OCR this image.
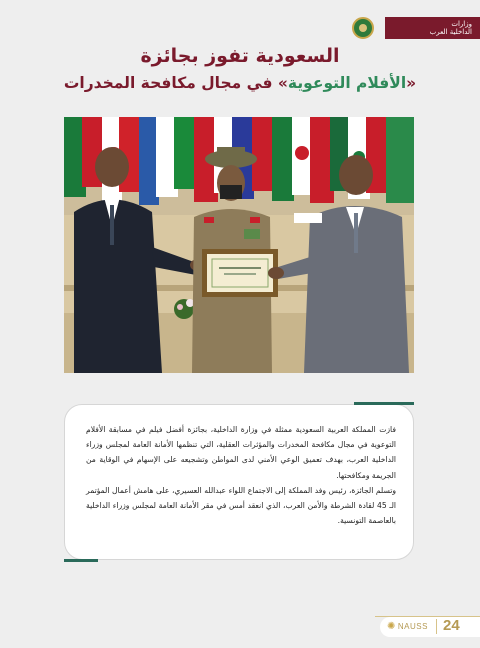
وزارات
الداخلية العرب
السعودية تفوز بجائزة
«الأفلام التوعوية» في مجال مكافحة المخدرات
فازت المملكة العربية السعودية ممثلة في وزارة الداخلية، بجائزة أفضل فيلم في مسابقة الأفلام التوعوية في مجال مكافحة المخدرات والمؤثرات العقلية، التي تنظمها الأمانة العامة لمجلس وزراء الداخلية العرب، بهدف تعميق الوعي الأمني لدى المواطن وتشجيعه على الإسهام في الوقاية من الجريمة ومكافحتها.
وتسلم الجائزة، رئيس وفد المملكة إلى الاجتماع اللواء عبدالله العسيري، على هامش أعمال المؤتمر الـ 45 لقادة الشرطة والأمن العرب، الذي انعقد أمس في مقر الأمانة العامة لمجلس وزراء الداخلية بالعاصمة التونسية.
✺ NAUSS 24
